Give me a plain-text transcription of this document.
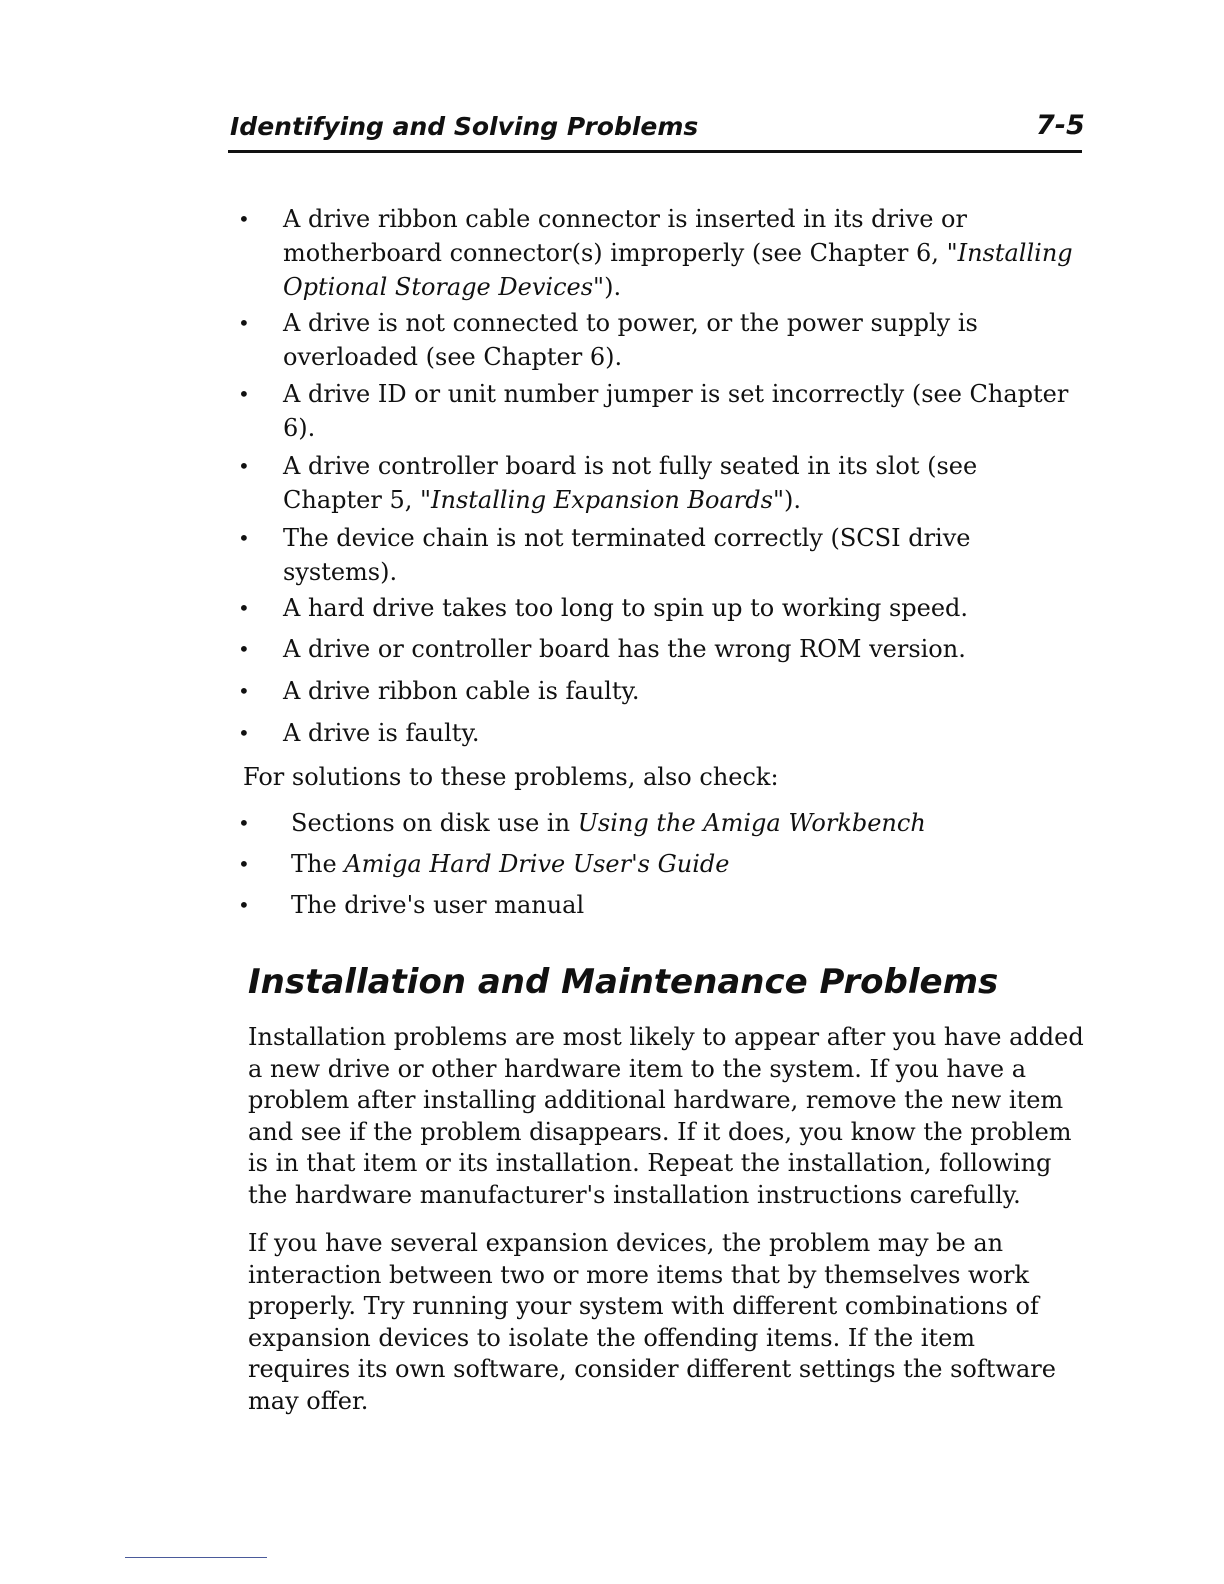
Identifying and Solving Problems	7-5
• A drive ribbon cable connector is inserted in its drive or
motherboard connector(s) improperly (see Chapter 6, "Installing
Optional Storage Devices").
• A drive is not connected to power, or the power supply is
overloaded (see Chapter 6).
• A drive ID or unit number jumper is set incorrectly (see Chapter
6).
• A drive controller board is not fully seated in its slot (see
Chapter 5, "Installing Expansion Boards").
• The device chain is not terminated correctly (SCSI drive
systems).
• A hard drive takes too long to spin up to working speed.
• A drive or controller board has the wrong ROM version.
• A drive ribbon cable is faulty.
• A drive is faulty.
For solutions to these problems, also check:
• Sections on disk use in Using the Amiga Workbench
• The Amiga Hard Drive User's Guide
• The drive's user manual
Installation and Maintenance Problems
Installation problems are most likely to appear after you have added
a new drive or other hardware item to the system. If you have a
problem after installing additional hardware, remove the new item
and see if the problem disappears. If it does, you know the problem
is in that item or its installation. Repeat the installation, following
the hardware manufacturer's installation instructions carefully.
If you have several expansion devices, the problem may be an
interaction between two or more items that by themselves work
properly. Try running your system with different combinations of
expansion devices to isolate the offending items. If the item
requires its own software, consider different settings the software
may offer.
